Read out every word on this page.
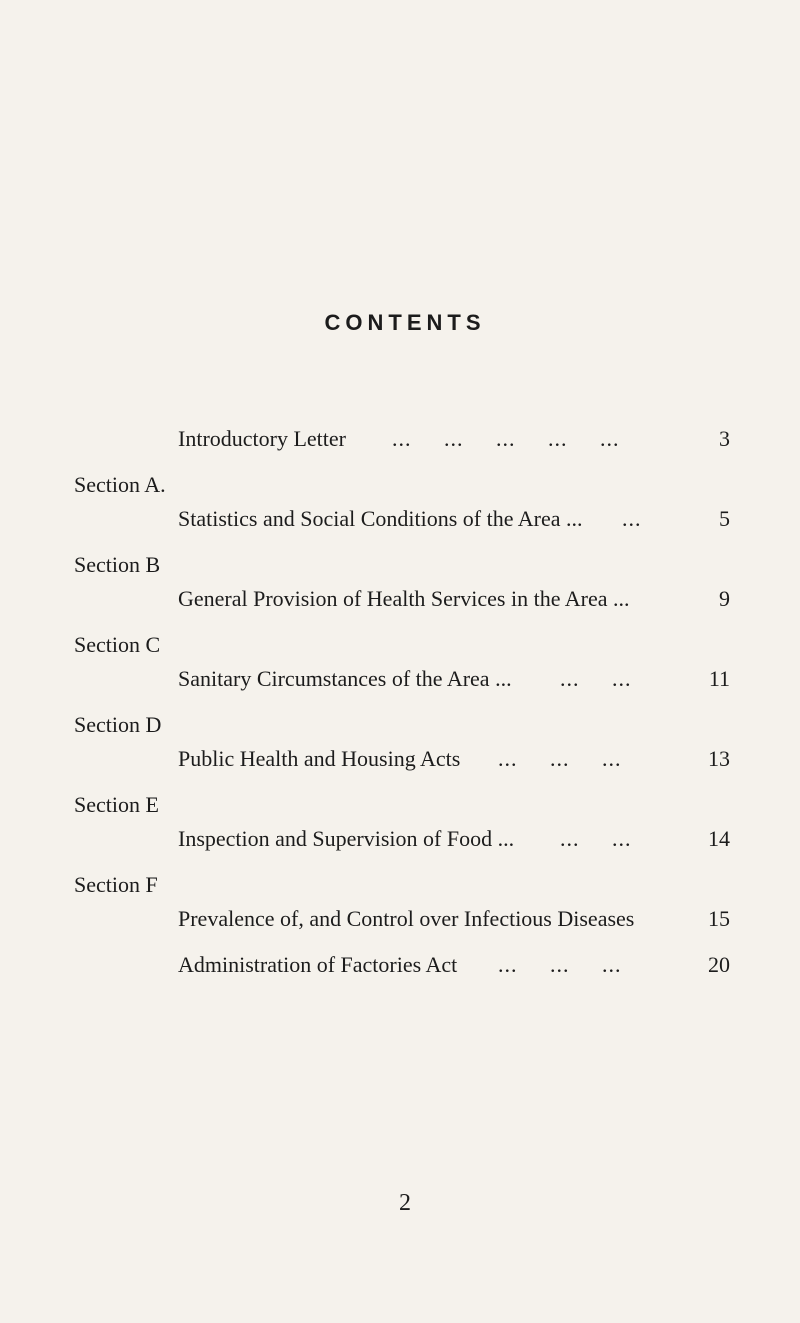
CONTENTS
Introductory Letter ...     ...     ...     ...     ...	3
Section A.
Statistics and Social Conditions of the Area ... ...	5
Section B
General Provision of Health Services in the Area ...	9
Section C
Sanitary Circumstances of the Area ... ...     ...	11
Section D
Public Health and Housing Acts ...     ...     ...	13
Section E
Inspection and Supervision of Food ... ...     ...	14
Section F
Prevalence of, and Control over Infectious Diseases	15
Administration of Factories Act ...     ...     ...	20
2
